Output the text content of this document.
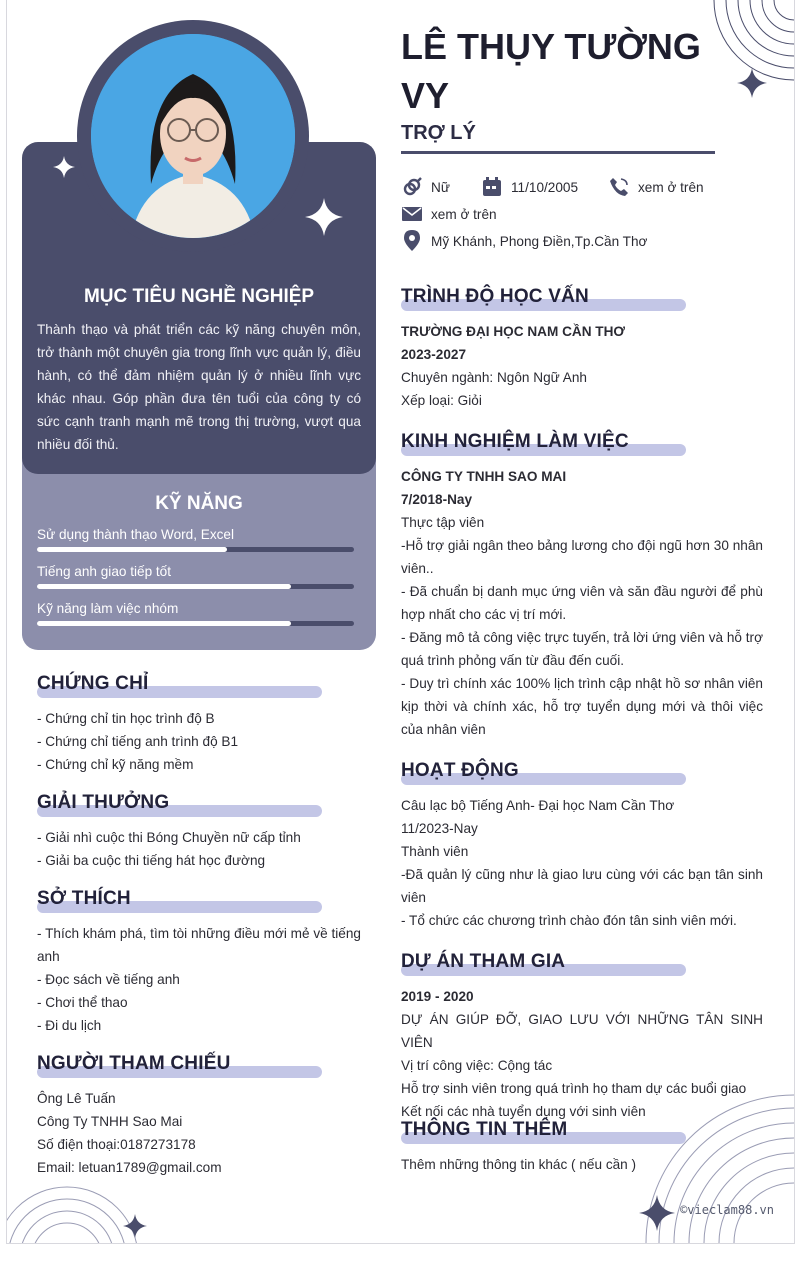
MỤC TIÊU NGHỀ NGHIỆP
Thành thạo và phát triển các kỹ năng chuyên môn, trở thành một chuyên gia trong lĩnh vực quản lý, điều hành, có thể đảm nhiệm quản lý ở nhiều lĩnh vực khác nhau. Góp phần đưa tên tuổi của công ty có sức cạnh tranh mạnh mẽ trong thị trường, vượt qua nhiều đối thủ.
KỸ NĂNG
Sử dụng thành thạo Word, Excel
Tiếng anh giao tiếp tốt
Kỹ năng làm việc nhóm
CHỨNG CHỈ
- Chứng chỉ tin học trình độ B
- Chứng chỉ tiếng anh trình độ B1
- Chứng chỉ kỹ năng mềm
GIẢI THƯỞNG
- Giải nhì cuộc thi Bóng Chuyền nữ cấp tỉnh
- Giải ba cuộc thi tiếng hát học đường
SỞ THÍCH
- Thích khám phá, tìm tòi những điều mới mẻ về tiếng anh
- Đọc sách về tiếng anh
- Chơi thể thao
- Đi du lịch
NGƯỜI THAM CHIẾU
Ông Lê Tuấn
Công Ty TNHH Sao Mai
Số điện thoại:0187273178
Email: letuan1789@gmail.com
LÊ THỤY TƯỜNG VY
TRỢ LÝ
Nữ	11/10/2005	xem ở trên
xem ở trên
Mỹ Khánh, Phong Điền,Tp.Cần Thơ
TRÌNH ĐỘ HỌC VẤN
TRƯỜNG ĐẠI HỌC NAM CẦN THƠ
2023-2027
Chuyên ngành: Ngôn Ngữ Anh
Xếp loại: Giỏi
KINH NGHIỆM LÀM VIỆC
CÔNG TY TNHH SAO MAI
7/2018-Nay
Thực tập viên
-Hỗ trợ giải ngân theo bảng lương cho đội ngũ hơn 30 nhân viên..
- Đã chuẩn bị danh mục ứng viên và săn đầu người để phù hợp nhất cho các vị trí mới.
- Đăng mô tả công việc trực tuyến, trả lời ứng viên và hỗ trợ quá trình phỏng vấn từ đầu đến cuối.
- Duy trì chính xác 100% lịch trình cập nhật hồ sơ nhân viên kịp thời và chính xác, hỗ trợ tuyển dụng mới và thôi việc của nhân viên
HOẠT ĐỘNG
Câu lạc bộ Tiếng Anh- Đại học Nam Cần Thơ
11/2023-Nay
Thành viên
-Đã quản lý cũng như là giao lưu cùng với các bạn tân sinh viên
- Tổ chức các chương trình chào đón tân sinh viên mới.
DỰ ÁN THAM GIA
2019 - 2020
DỰ ÁN GIÚP ĐỠ, GIAO LƯU VỚI NHỮNG TÂN SINH VIÊN
Vị trí công việc: Cộng tác
Hỗ trợ sinh viên trong quá trình họ tham dự các buổi giao
Kết nối các nhà tuyển dụng với sinh viên
THÔNG TIN THÊM
Thêm những thông tin khác ( nếu cần )
©vieclam88.vn
